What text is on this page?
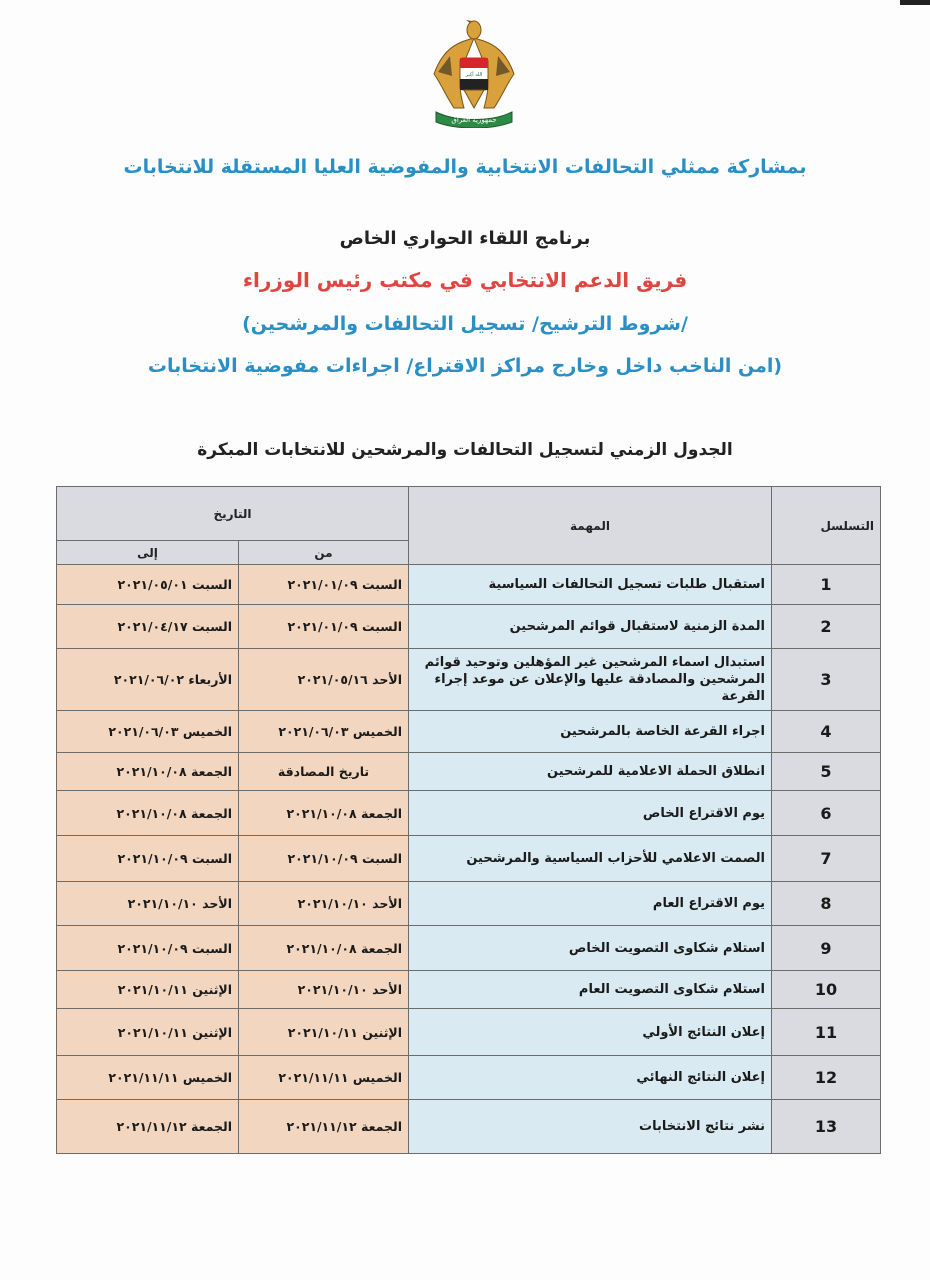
الله أكبر
جمهورية العراق
بمشاركة ممثلي التحالفات الانتخابية والمفوضية العليا المستقلة للانتخابات
برنامج اللقاء الحواري الخاص
فريق الدعم الانتخابي في مكتب رئيس الوزراء
(شروط الترشيح/ تسجيل التحالفات والمرشحين/
امن الناخب داخل وخارج مراكز الاقتراع/ اجراءات مفوضية الانتخابات)
الجدول الزمني لتسجيل التحالفات والمرشحين للانتخابات المبكرة
التاريخ		المهمة	التسلسل
إلى	من		
السبت ٢٠٢١/٠٥/٠١	السبت ٢٠٢١/٠١/٠٩	استقبال طلبات تسجيل التحالفات السياسية	1
السبت ٢٠٢١/٠٤/١٧	السبت ٢٠٢١/٠١/٠٩	المدة الزمنية لاستقبال قوائم المرشحين	2
الأربعاء ٢٠٢١/٠٦/٠٢	الأحد ٢٠٢١/٠٥/١٦	استبدال اسماء المرشحين غير المؤهلين وتوحيد قوائم المرشحين والمصادقة عليها والإعلان عن موعد إجراء القرعة	3
الخميس ٢٠٢١/٠٦/٠٣	الخميس ٢٠٢١/٠٦/٠٣	اجراء القرعة الخاصة بالمرشحين	4
الجمعة ٢٠٢١/١٠/٠٨	تاريخ المصادقة	انطلاق الحملة الاعلامية للمرشحين	5
الجمعة ٢٠٢١/١٠/٠٨	الجمعة ٢٠٢١/١٠/٠٨	يوم الاقتراع الخاص	6
السبت ٢٠٢١/١٠/٠٩	السبت ٢٠٢١/١٠/٠٩	الصمت الاعلامي للأحزاب السياسية والمرشحين	7
الأحد ٢٠٢١/١٠/١٠	الأحد ٢٠٢١/١٠/١٠	يوم الاقتراع العام	8
السبت ٢٠٢١/١٠/٠٩	الجمعة ٢٠٢١/١٠/٠٨	استلام شكاوى التصويت الخاص	9
الإثنين ٢٠٢١/١٠/١١	الأحد ٢٠٢١/١٠/١٠	استلام شكاوى التصويت العام	10
الإثنين ٢٠٢١/١٠/١١	الإثنين ٢٠٢١/١٠/١١	إعلان النتائج الأولي	11
الخميس ٢٠٢١/١١/١١	الخميس ٢٠٢١/١١/١١	إعلان النتائج النهائي	12
الجمعة ٢٠٢١/١١/١٢	الجمعة ٢٠٢١/١١/١٢	نشر نتائج الانتخابات	13
